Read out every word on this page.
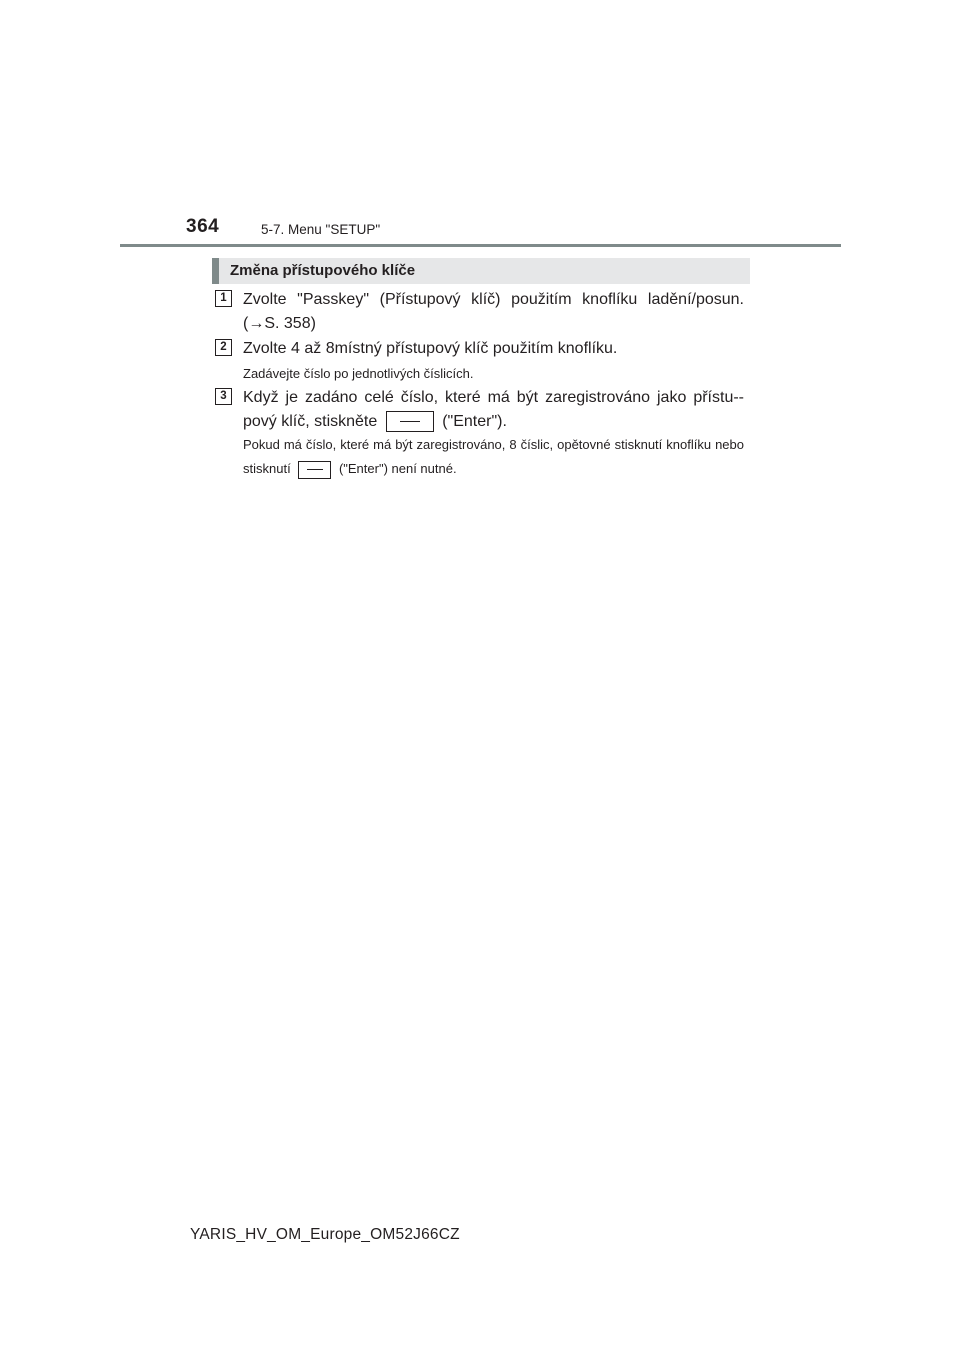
364	5-7. Menu "SETUP"
Změna přístupového klíče
1	Zvolte "Passkey" (Přístupový klíč) použitím knoflíku ladění/posun. (→S. 358)
2	Zvolte 4 až 8místný přístupový klíč použitím knoflíku.
Zadávejte číslo po jednotlivých číslicích.
3	Když je zadáno celé číslo, které má být zaregistrováno jako přístu-pový klíč, stiskněte	("Enter").
Pokud má číslo, které má být zaregistrováno, 8 číslic, opětovné stisknutí knoflíku nebo stisknutí	("Enter") není nutné.
YARIS_HV_OM_Europe_OM52J66CZ
